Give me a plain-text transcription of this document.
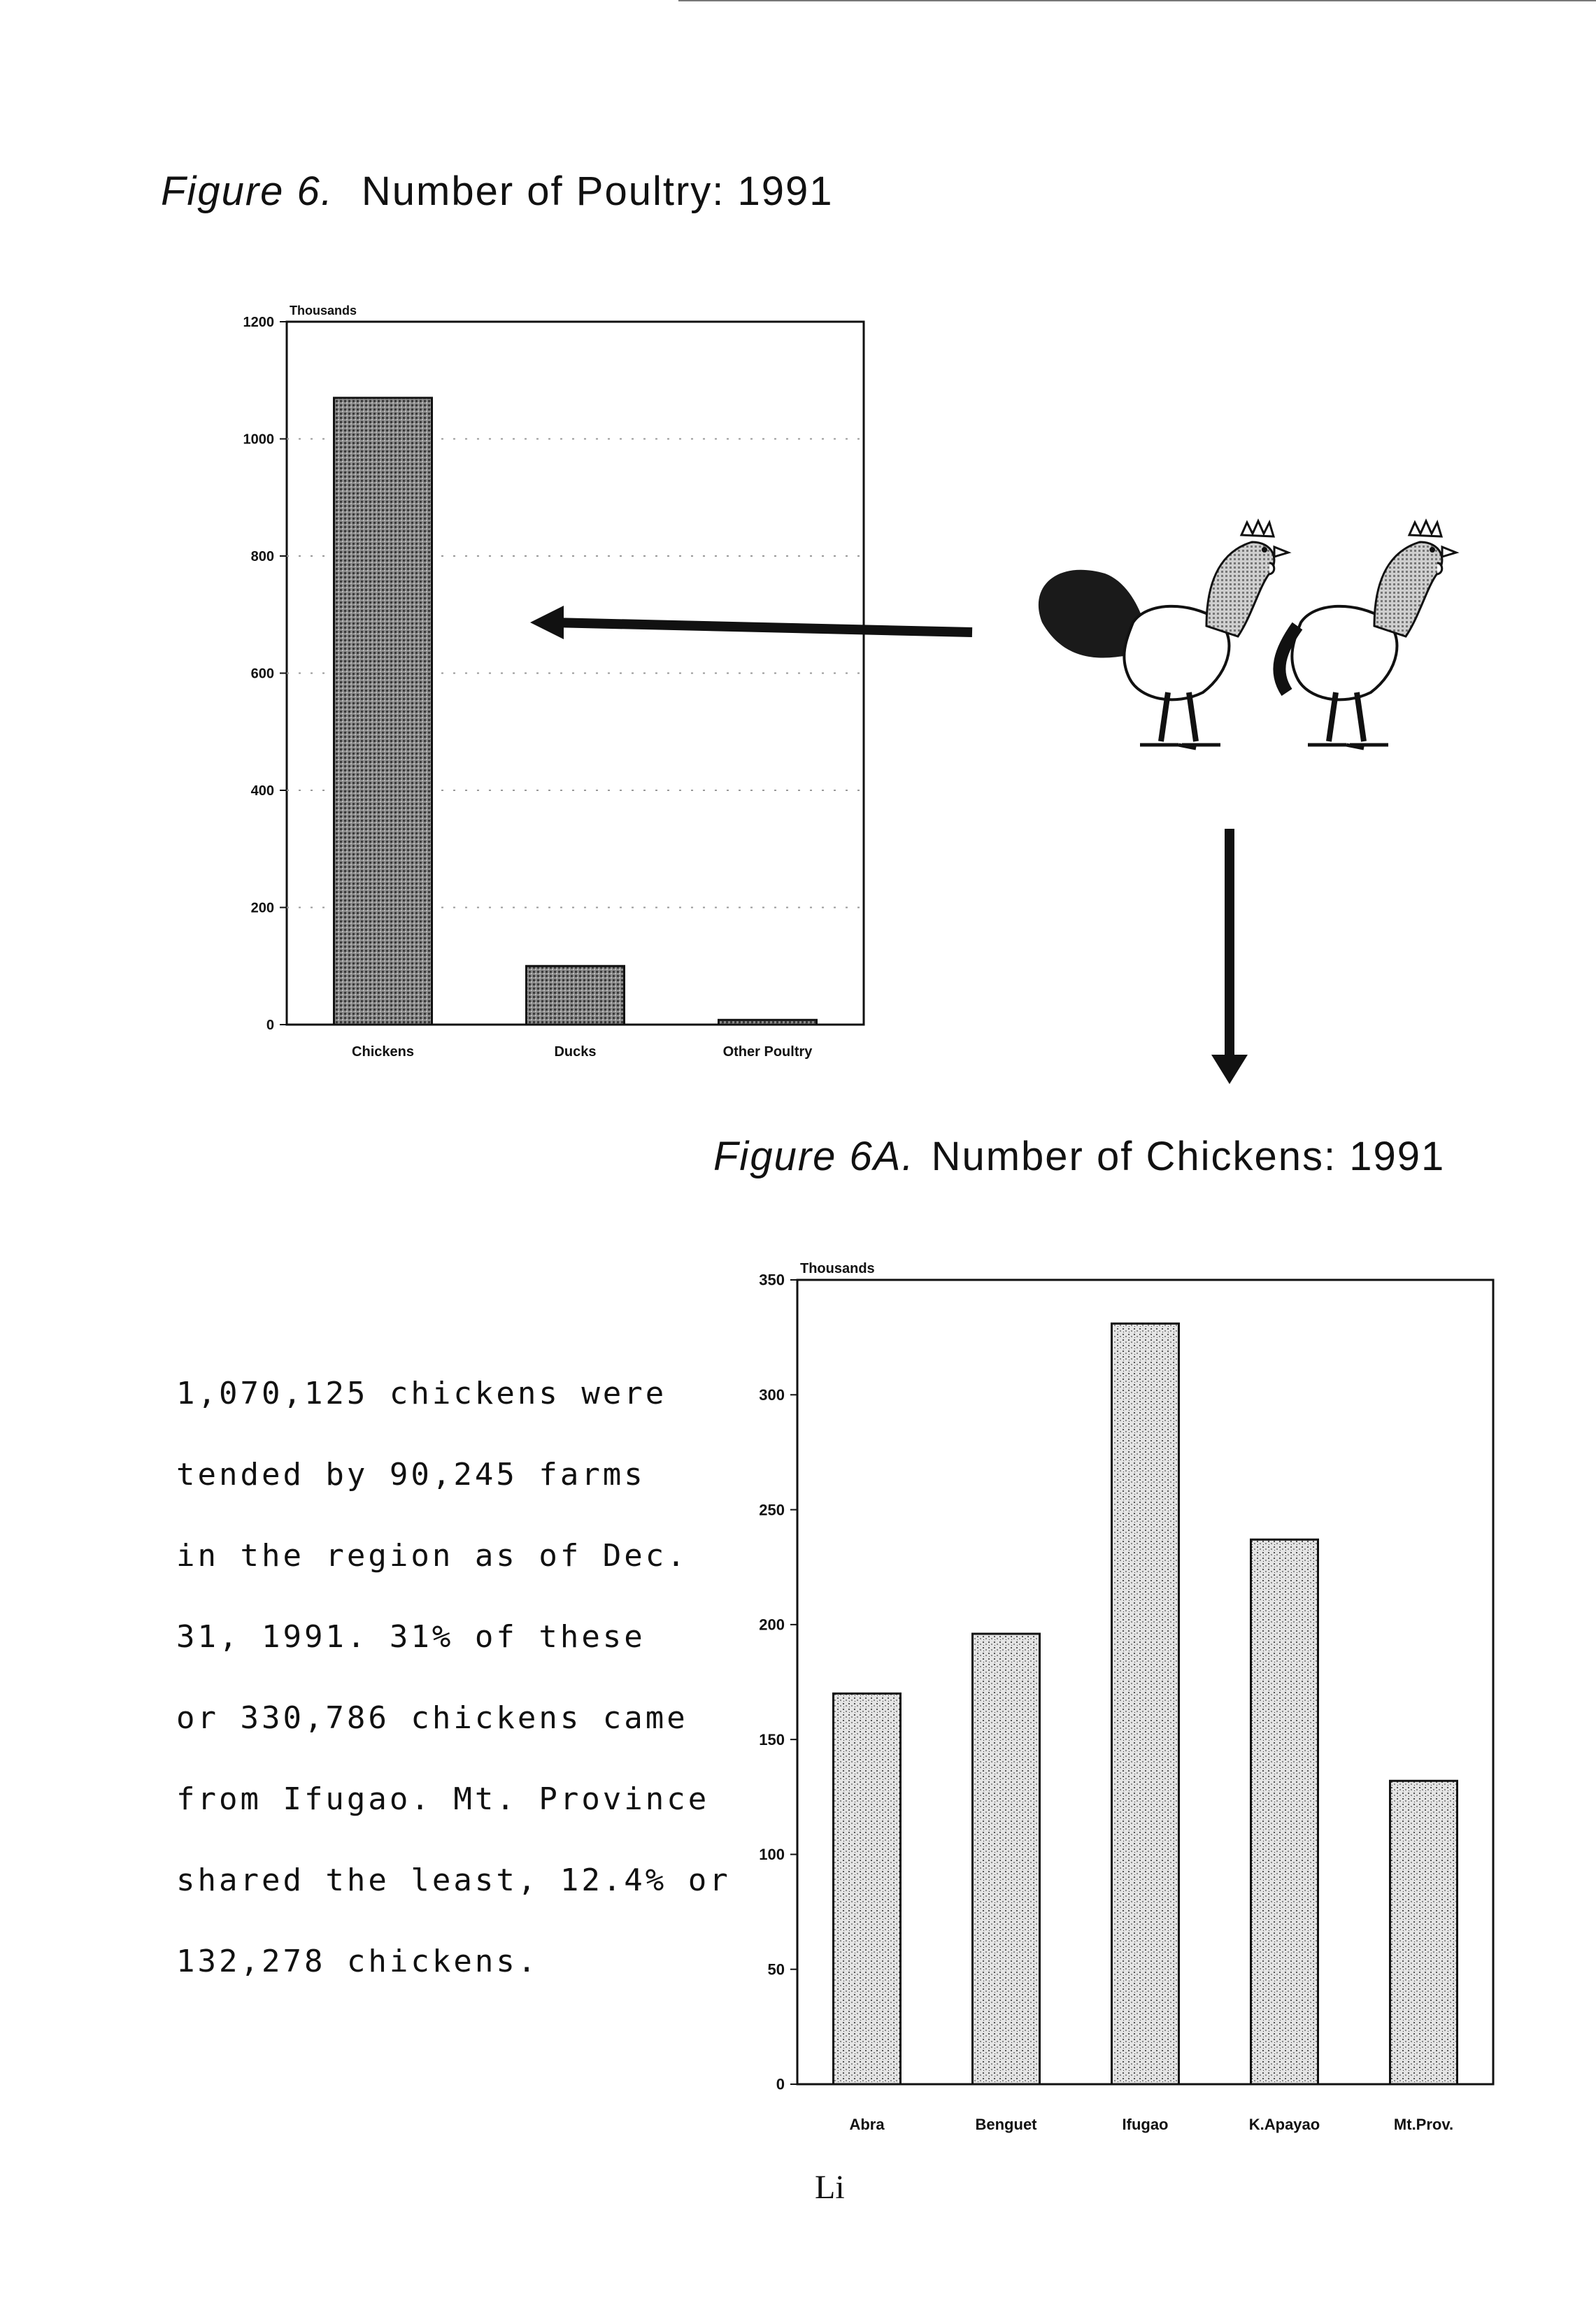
Figure 6. Number of Poultry: 1991
Thousands
0
200
400
600
800
1000
1200
Chickens	Ducks	Other Poultry
Thousands
0
50
100
150
200
250
300
350
Abra	Benguet	Ifugao	K.Apayao	Mt.Prov.
Figure 6A. Number of Chickens: 1991
1,070,125 chickens were
tended by 90,245 farms
in the region as of Dec.
31, 1991. 31% of these
or 330,786 chickens came
from Ifugao. Mt. Province
shared the least, 12.4% or
132,278 chickens.
Li
